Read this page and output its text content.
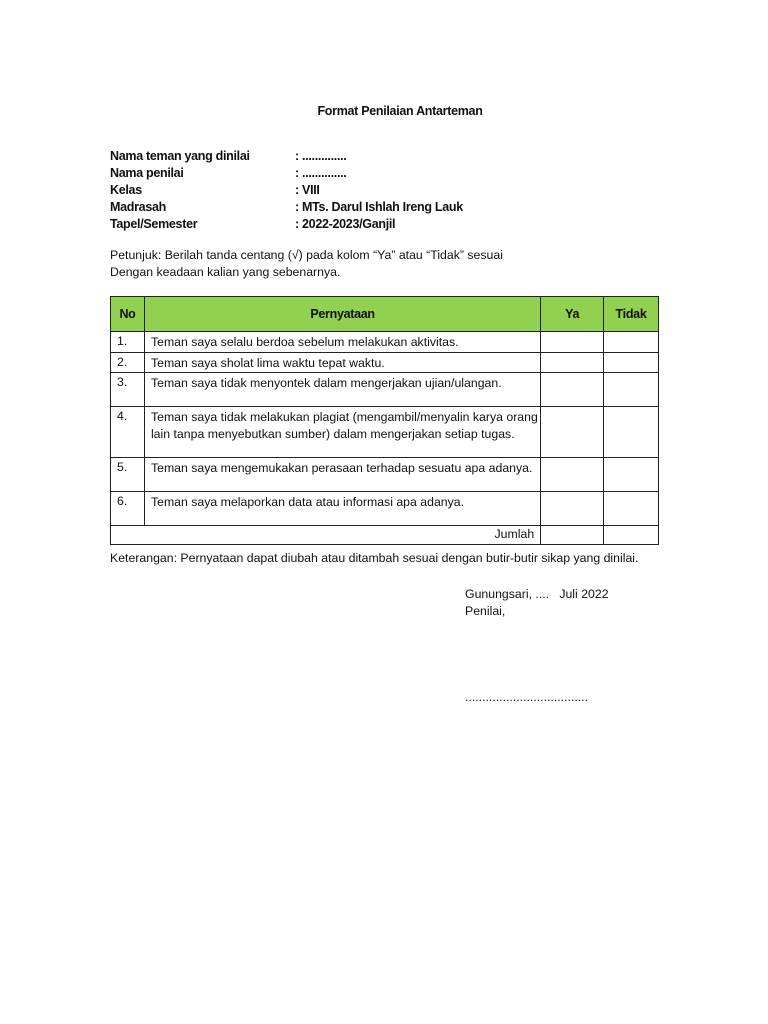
Format Penilaian Antarteman
Nama teman yang dinilai	: ..............
Nama penilai	: ..............
Kelas	: VIII
Madrasah	: MTs. Darul Ishlah Ireng Lauk
Tapel/Semester	: 2022-2023/Ganjil
Petunjuk: Berilah tanda centang (√) pada kolom “Ya” atau “Tidak” sesuai
Dengan keadaan kalian yang sebenarnya.
No	Pernyataan	Ya	Tidak
1.	Teman saya selalu berdoa sebelum melakukan aktivitas.		
2.	Teman saya sholat lima waktu tepat waktu.		
3.	Teman saya tidak menyontek dalam mengerjakan ujian/ulangan.		
4.	Teman saya tidak melakukan plagiat (mengambil/menyalin karya orang lain tanpa menyebutkan sumber) dalam mengerjakan setiap tugas.		
5.	Teman saya mengemukakan perasaan terhadap sesuatu apa adanya.		
6.	Teman saya melaporkan data atau informasi apa adanya.		
Jumlah			
Keterangan: Pernyataan dapat diubah atau ditambah sesuai dengan butir-butir sikap yang dinilai.
Gunungsari, ....   Juli 2022
Penilai,
....................................
